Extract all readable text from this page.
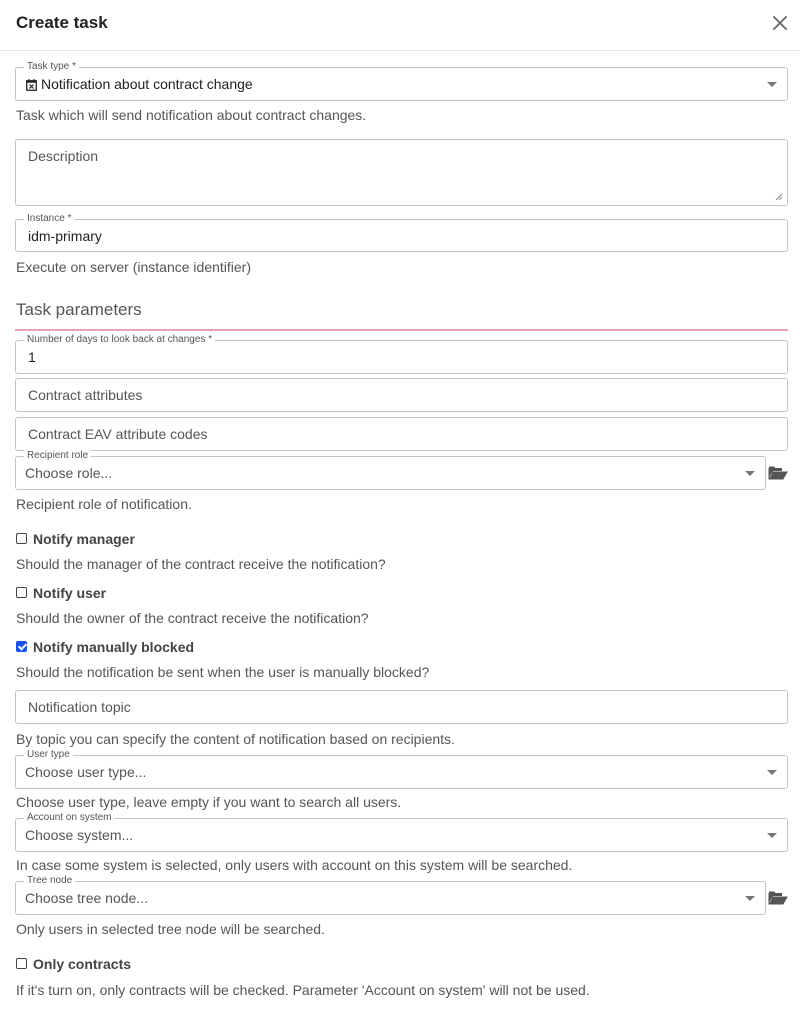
Create task
Task type *
Notification about contract change
Task which will send notification about contract changes.
Description
Instance *
idm-primary
Execute on server (instance identifier)
Task parameters
Number of days to look back at changes *
1
Contract attributes
Contract EAV attribute codes
Recipient role
Choose role...
Recipient role of notification.
Notify manager
Should the manager of the contract receive the notification?
Notify user
Should the owner of the contract receive the notification?
Notify manually blocked
Should the notification be sent when the user is manually blocked?
Notification topic
By topic you can specify the content of notification based on recipients.
User type
Choose user type...
Choose user type, leave empty if you want to search all users.
Account on system
Choose system...
In case some system is selected, only users with account on this system will be searched.
Tree node
Choose tree node...
Only users in selected tree node will be searched.
Only contracts
If it's turn on, only contracts will be checked. Parameter 'Account on system' will not be used.
